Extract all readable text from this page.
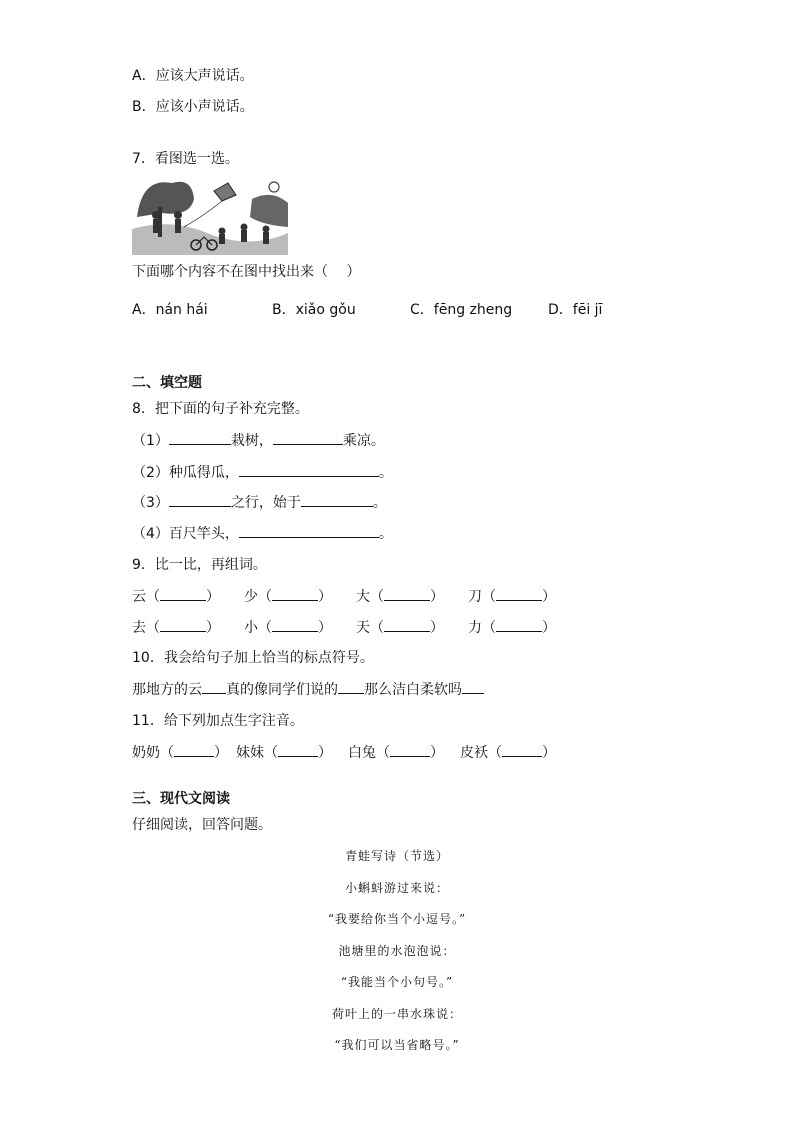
A．应该大声说话。
B．应该小声说话。
7．看图选一选。
下面哪个内容不在图中找出来（　 ）
A．nán hái	B．xiǎo gǒu	C．fēng zheng	D．fēi jī
二、填空题
8．把下面的句子补充完整。
（1）	栽树，	乘凉。
（2）种瓜得瓜，	。
（3）	之行，始于	。
（4）百尺竿头，	。
9．比一比，再组词。
云（	） 少（	） 大（	） 刀（	）
去（	） 小（	） 天（	） 力（	）
10．我会给句子加上恰当的标点符号。
那地方的云 真的像同学们说的 那么洁白柔软吗
11．给下列加点生字注音。
奶奶（	） 妹妹（	） 白兔（	） 皮袄（	）
三、现代文阅读
仔细阅读，回答问题。
青蛙写诗（节选）
小蝌蚪游过来说：
“我要给你当个小逗号。”
池塘里的水泡泡说：
“我能当个小句号。”
荷叶上的一串水珠说：
“我们可以当省略号。”
